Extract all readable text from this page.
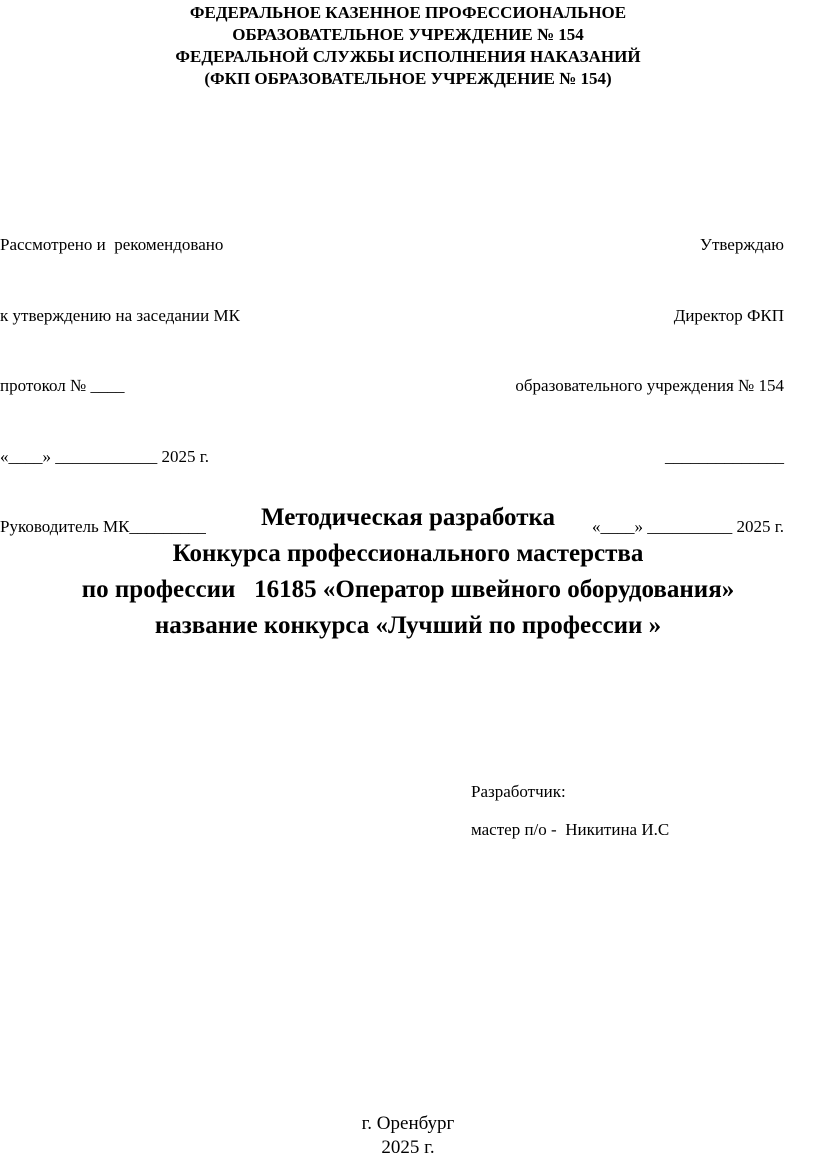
ФЕДЕРАЛЬНОЕ КАЗЕННОЕ ПРОФЕССИОНАЛЬНОЕ
ОБРАЗОВАТЕЛЬНОЕ УЧРЕЖДЕНИЕ № 154
ФЕДЕРАЛЬНОЙ СЛУЖБЫ ИСПОЛНЕНИЯ НАКАЗАНИЙ
(ФКП ОБРАЗОВАТЕЛЬНОЕ УЧРЕЖДЕНИЕ № 154)

Рассмотрено и  рекомендовано

к утверждению на заседании МК

протокол № ____

«____» ____________ 2025 г.

Руководитель МК_________

Утверждаю

Директор ФКП

образовательного учреждения № 154

______________

«____» __________ 2025 г.

Методическая разработка
Конкурса профессионального мастерства
по профессии   16185 «Оператор швейного оборудования»
название конкурса «Лучший по профессии »
Разработчик:
мастер п/о -  Никитина И.С
г. Оренбург
2025 г.
